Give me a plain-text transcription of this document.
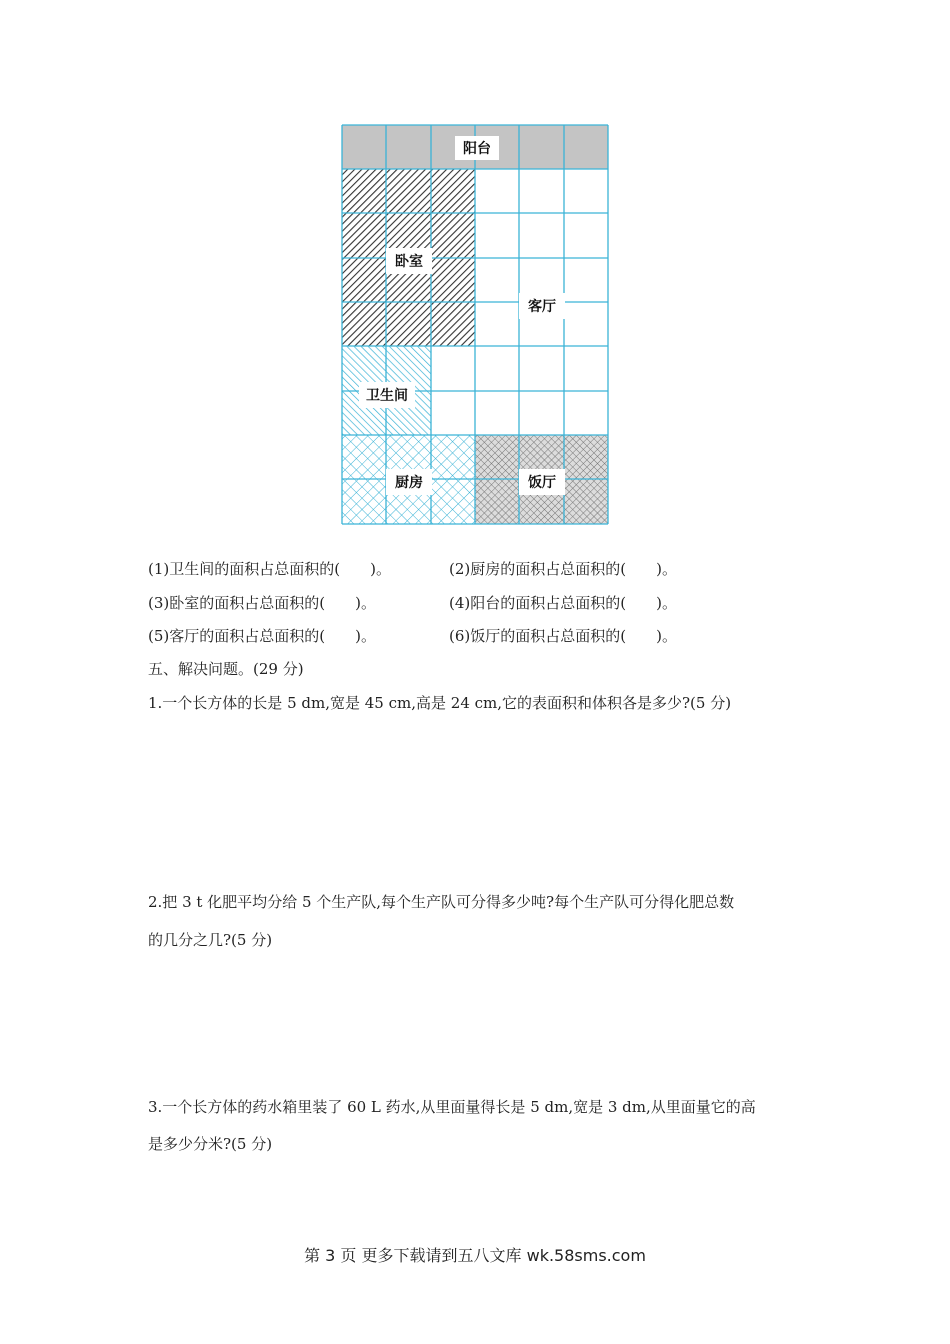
阳台
卧室
客厅
卫生间
厨房	饭厅
(1)卫生间的面积占总面积的(　　)。	(2)厨房的面积占总面积的(　　)。
(3)卧室的面积占总面积的(　　)。	(4)阳台的面积占总面积的(　　)。
(5)客厅的面积占总面积的(　　)。	(6)饭厅的面积占总面积的(　　)。
五、解决问题。(29 分)
1.一个长方体的长是 5 dm,宽是 45 cm,高是 24 cm,它的表面积和体积各是多少?(5 分)
2.把 3 t 化肥平均分给 5 个生产队,每个生产队可分得多少吨?每个生产队可分得化肥总数
的几分之几?(5 分)
3.一个长方体的药水箱里装了 60 L 药水,从里面量得长是 5 dm,宽是 3 dm,从里面量它的高
是多少分米?(5 分)
第 3 页 更多下载请到五八文库 wk.58sms.com
